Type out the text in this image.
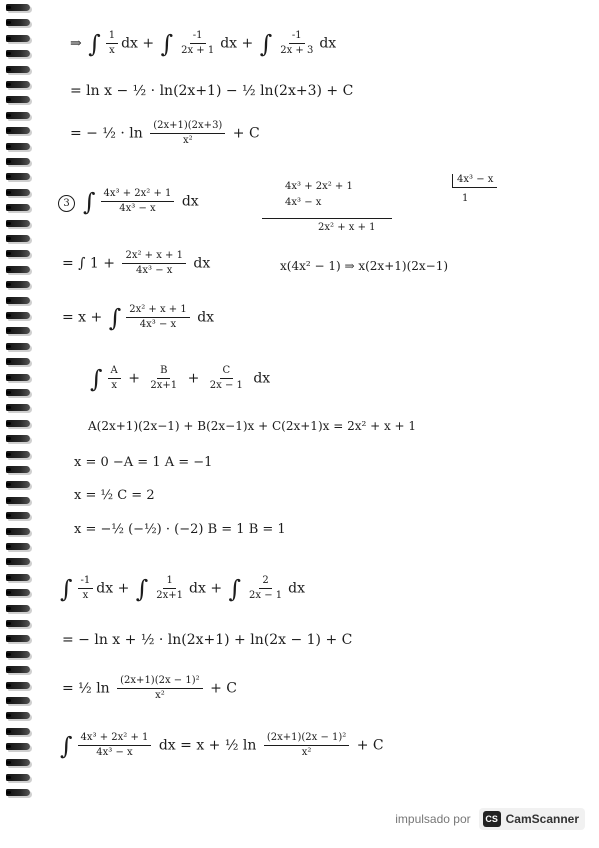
⇒ ∫ $\frac{1}{x}$ dx + ∫ $\frac{-1}{2x + 1}$ dx + ∫ $\frac{-1}{2x + 3}$ dx
= ln x − ½ · ln(2x+1) − ½ ln(2x+3) + C
= − ½ · $\ln \frac{(2x+1)(2x+3)}{\text{x²}} + C$
3 ∫ $\frac{\text{4x³ + 2x² + 1}}{\text{4x³ − x}}$ dx
4x³ + 2x² + 1
4x³ − x
2x² + x + 1
4x³ − x
1
= ∫ $1 + \frac{\text{2x² + x + 1}}{\text{4x³ − x}}$ dx	x(4x² − 1) ⇒ x(2x+1)(2x−1)
= x + ∫ $\frac{\text{2x² + x + 1}}{\text{4x³ − x}}$ dx
∫ $\frac{A}{x} + \frac{B}{2x+1} + \frac{C}{2x - 1}$ dx
A(2x+1)(2x−1) + B(2x−1)x + C(2x+1)x = 2x² + x + 1
x = 0 −A = 1 A = −1
x = ½ C = 2
x = −½ (−½) · (−2) B = 1 B = 1
∫ $\frac{-1}{x}$ dx + ∫ $\frac{1}{2x+1}$ dx + ∫ $\frac{2}{2x - 1}$ dx
= − ln x + ½ · ln(2x+1) + ln(2x − 1) + C
= ½ $\ln \frac{\text{(2x+1)(2x − 1)²}}{\text{x²}} + C$
∫ $\frac{\text{4x³ + 2x² + 1}}{\text{4x³ − x}}$ dx = x + ½ $\ln \frac{\text{(2x+1)(2x − 1)²}}{\text{x²}} + C$
impulsado por	CS CamScanner
